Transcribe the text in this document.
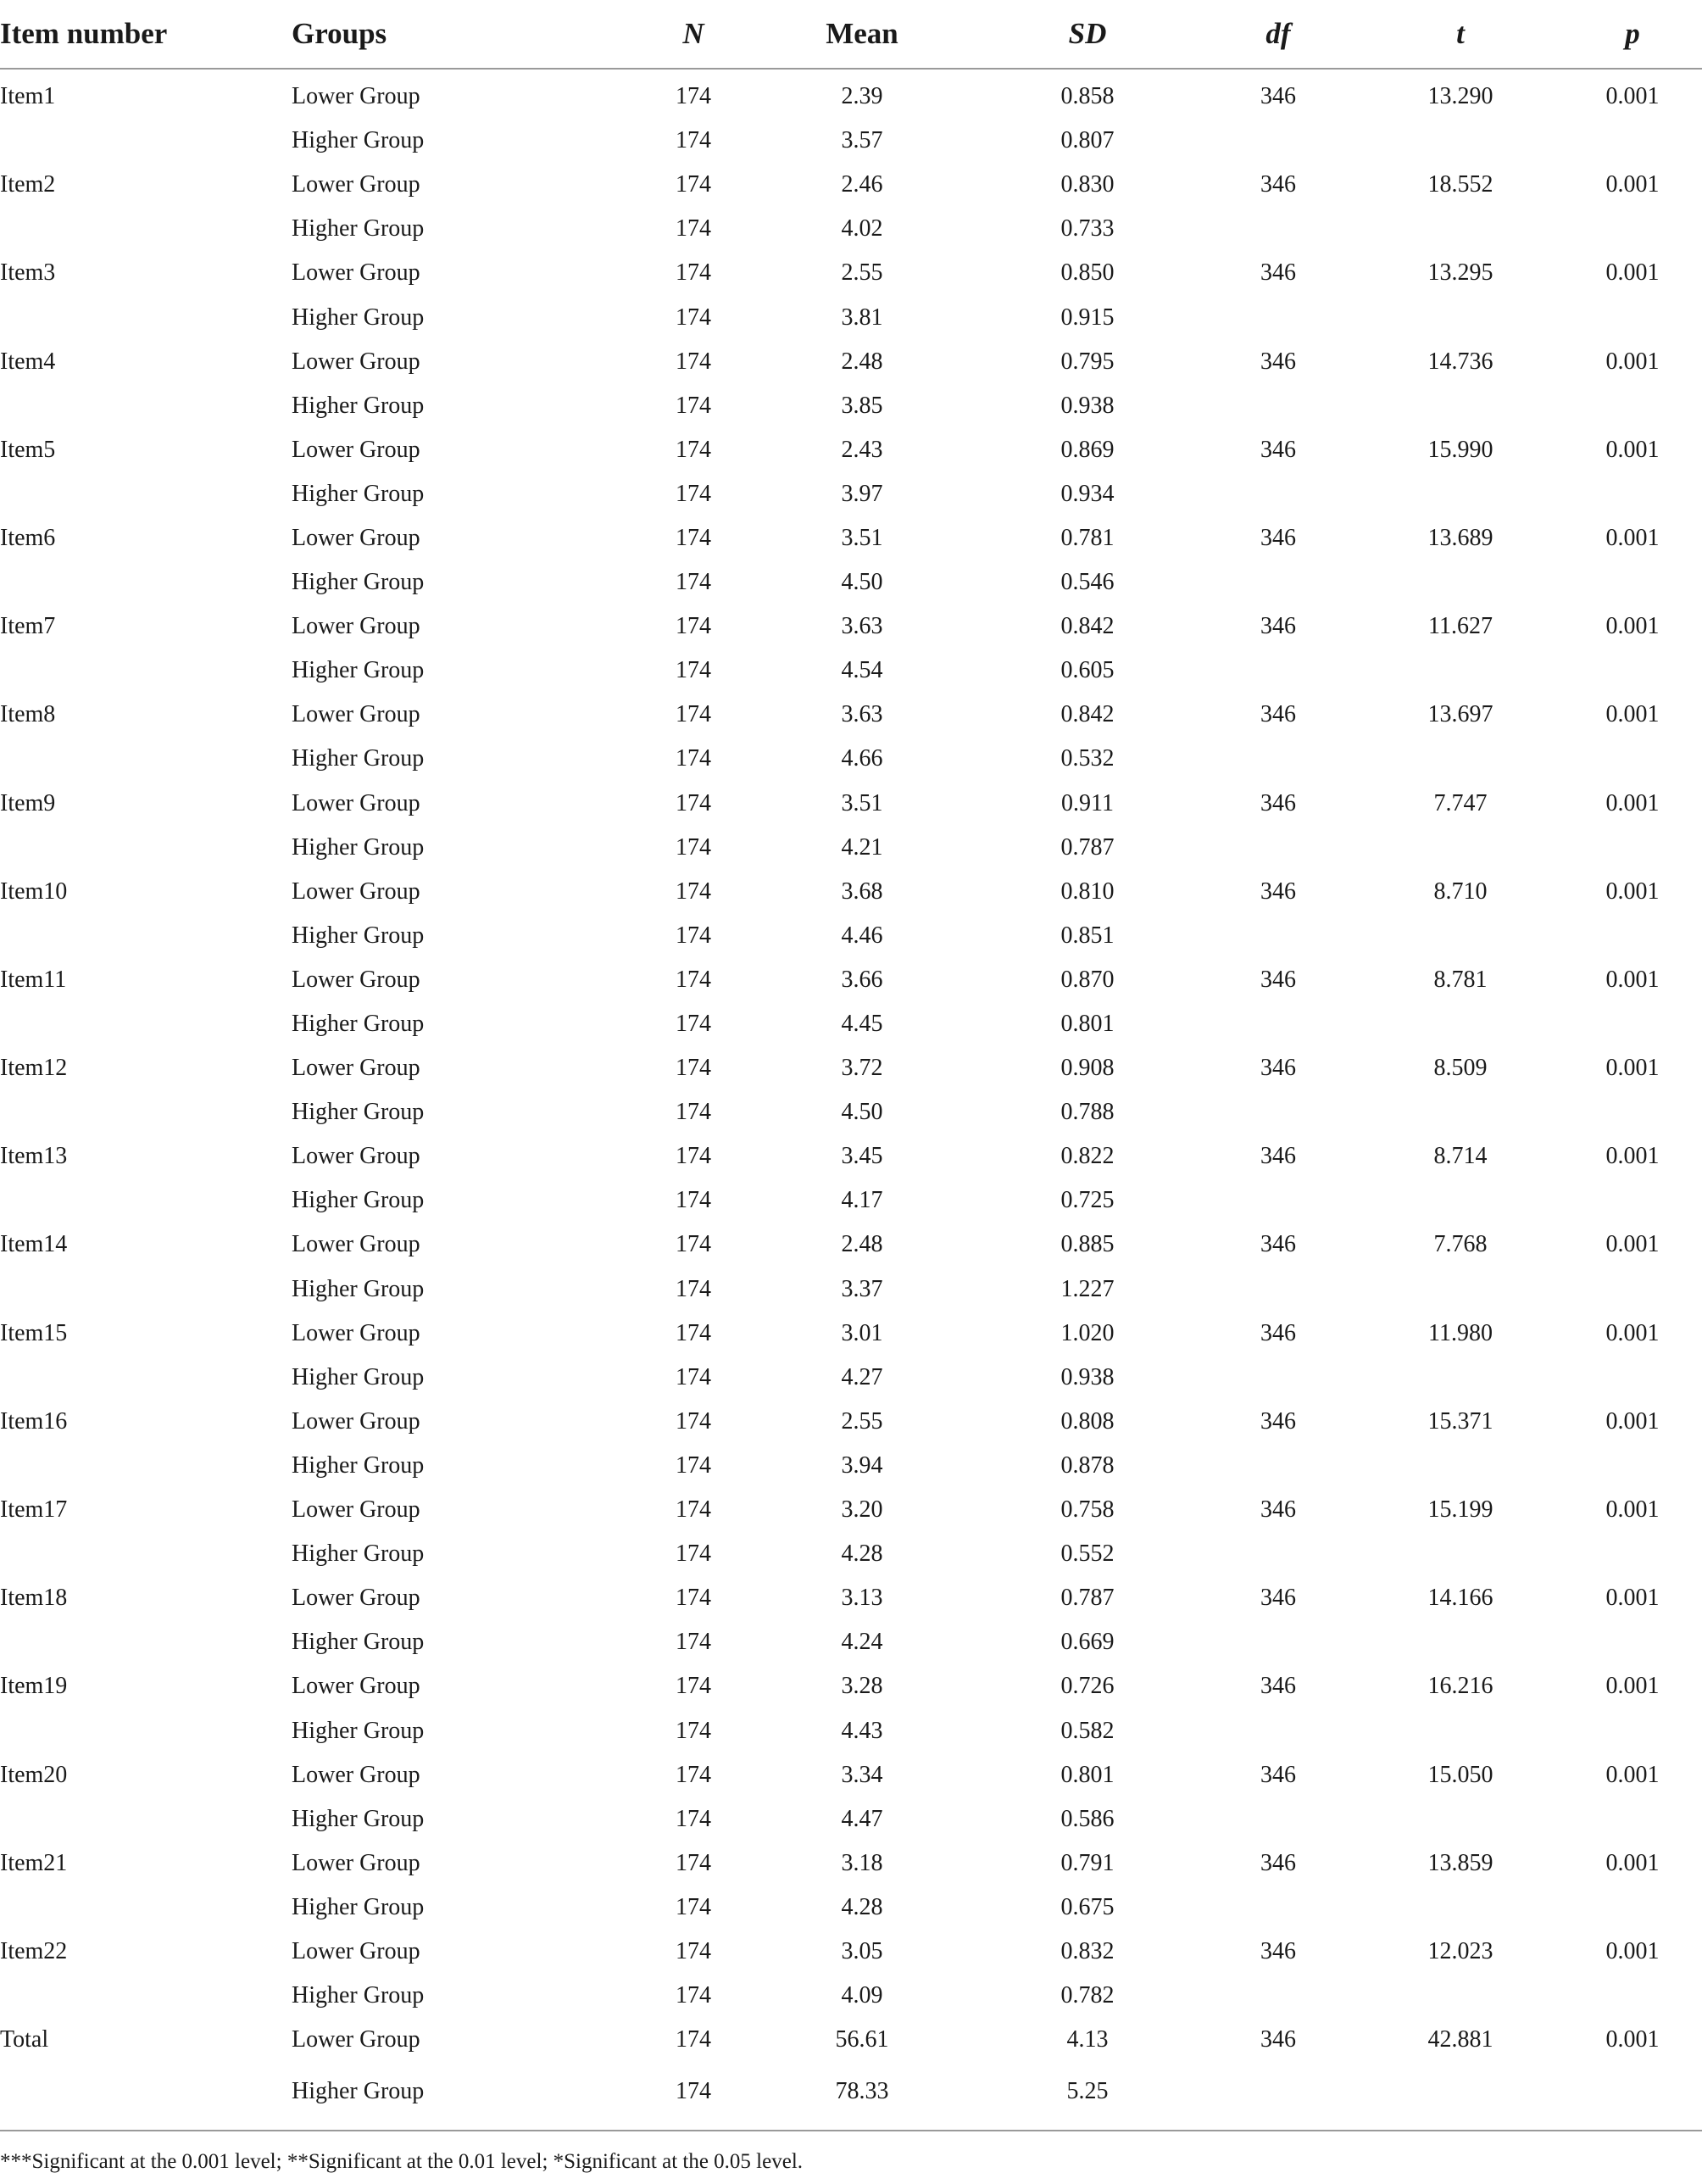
Item number	Groups	N	Mean	SD	df	t	p
Item1	Lower Group	174	2.39	0.858	346	13.290	0.001
	Higher Group	174	3.57	0.807			
Item2	Lower Group	174	2.46	0.830	346	18.552	0.001
	Higher Group	174	4.02	0.733			
Item3	Lower Group	174	2.55	0.850	346	13.295	0.001
	Higher Group	174	3.81	0.915			
Item4	Lower Group	174	2.48	0.795	346	14.736	0.001
	Higher Group	174	3.85	0.938			
Item5	Lower Group	174	2.43	0.869	346	15.990	0.001
	Higher Group	174	3.97	0.934			
Item6	Lower Group	174	3.51	0.781	346	13.689	0.001
	Higher Group	174	4.50	0.546			
Item7	Lower Group	174	3.63	0.842	346	11.627	0.001
	Higher Group	174	4.54	0.605			
Item8	Lower Group	174	3.63	0.842	346	13.697	0.001
	Higher Group	174	4.66	0.532			
Item9	Lower Group	174	3.51	0.911	346	7.747	0.001
	Higher Group	174	4.21	0.787			
Item10	Lower Group	174	3.68	0.810	346	8.710	0.001
	Higher Group	174	4.46	0.851			
Item11	Lower Group	174	3.66	0.870	346	8.781	0.001
	Higher Group	174	4.45	0.801			
Item12	Lower Group	174	3.72	0.908	346	8.509	0.001
	Higher Group	174	4.50	0.788			
Item13	Lower Group	174	3.45	0.822	346	8.714	0.001
	Higher Group	174	4.17	0.725			
Item14	Lower Group	174	2.48	0.885	346	7.768	0.001
	Higher Group	174	3.37	1.227			
Item15	Lower Group	174	3.01	1.020	346	11.980	0.001
	Higher Group	174	4.27	0.938			
Item16	Lower Group	174	2.55	0.808	346	15.371	0.001
	Higher Group	174	3.94	0.878			
Item17	Lower Group	174	3.20	0.758	346	15.199	0.001
	Higher Group	174	4.28	0.552			
Item18	Lower Group	174	3.13	0.787	346	14.166	0.001
	Higher Group	174	4.24	0.669			
Item19	Lower Group	174	3.28	0.726	346	16.216	0.001
	Higher Group	174	4.43	0.582			
Item20	Lower Group	174	3.34	0.801	346	15.050	0.001
	Higher Group	174	4.47	0.586			
Item21	Lower Group	174	3.18	0.791	346	13.859	0.001
	Higher Group	174	4.28	0.675			
Item22	Lower Group	174	3.05	0.832	346	12.023	0.001
	Higher Group	174	4.09	0.782			
Total	Lower Group	174	56.61	4.13	346	42.881	0.001
	Higher Group	174	78.33	5.25			
***Significant at the 0.001 level; **Significant at the 0.01 level; *Significant at the 0.05 level.
